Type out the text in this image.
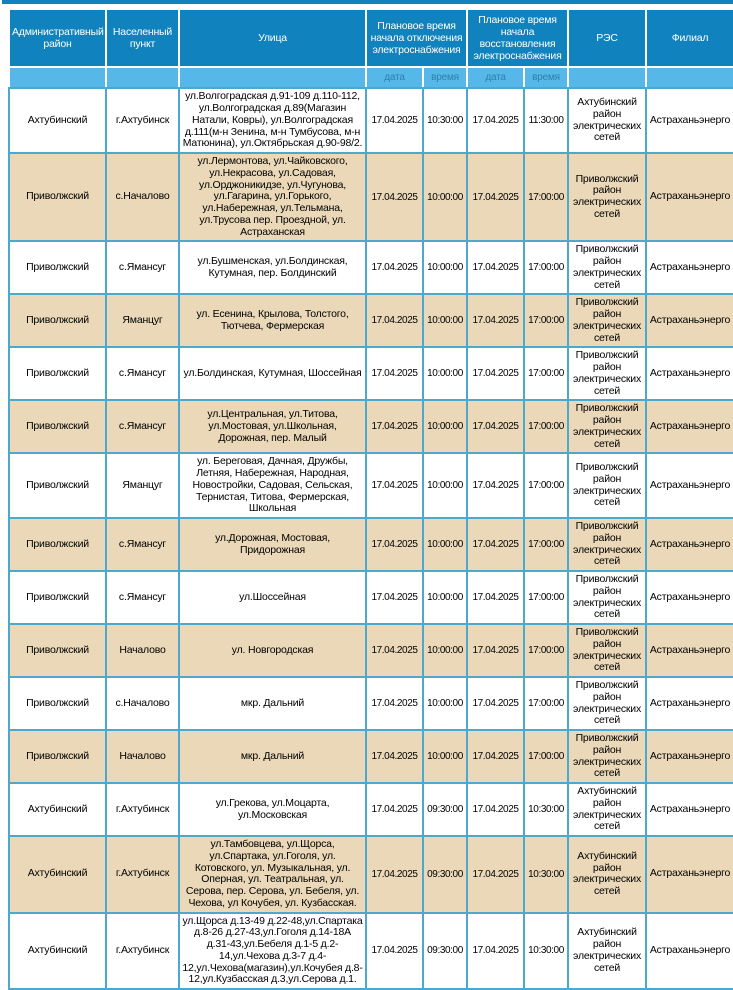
Административный район	Населенный пункт	Улица	Плановое время начала отключения электроснабжения		Плановое время начала восстановления электроснабжения		РЭС	Филиал
			дата	время	дата	время		
Ахтубинский	г.Ахтубинск	ул.Волгоградская д.91-109 д.110-112, ул.Волгоградская д.89(Магазин Натали, Ковры), ул.Волгоградская д.111(м-н Зенина, м-н Тумбусова, м-н Матюнина), ул.Октябрьская д.90-98/2.	17.04.2025	10:30:00	17.04.2025	11:30:00	Ахтубинский район электрических сетей	Астраханьэнерго
Приволжский	с.Началово	ул.Лермонтова, ул.Чайковского, ул.Некрасова, ул.Садовая, ул.Орджоникидзе, ул.Чугунова, ул.Гагарина, ул.Горького, ул.Набережная, ул.Тельмана, ул.Трусова пер. Проездной, ул. Астраханская	17.04.2025	10:00:00	17.04.2025	17:00:00	Приволжский район электрических сетей	Астраханьэнерго
Приволжский	с.Ямансуг	ул.Бушменская, ул.Болдинская, Кутумная, пер. Болдинский	17.04.2025	10:00:00	17.04.2025	17:00:00	Приволжский район электрических сетей	Астраханьэнерго
Приволжский	Яманцуг	ул. Есенина, Крылова, Толстого, Тютчева, Фермерская	17.04.2025	10:00:00	17.04.2025	17:00:00	Приволжский район электрических сетей	Астраханьэнерго
Приволжский	с.Ямансуг	ул.Болдинская, Кутумная, Шоссейная	17.04.2025	10:00:00	17.04.2025	17:00:00	Приволжский район электрических сетей	Астраханьэнерго
Приволжский	с.Ямансуг	ул.Центральная, ул.Титова, ул.Мостовая, ул.Школьная, Дорожная, пер. Малый	17.04.2025	10:00:00	17.04.2025	17:00:00	Приволжский район электрических сетей	Астраханьэнерго
Приволжский	Яманцуг	ул. Береговая, Дачная, Дружбы, Летняя, Набережная, Народная, Новостройки, Садовая, Сельская, Тернистая, Титова, Фермерская, Школьная	17.04.2025	10:00:00	17.04.2025	17:00:00	Приволжский район электрических сетей	Астраханьэнерго
Приволжский	с.Ямансуг	ул.Дорожная, Мостовая, Придорожная	17.04.2025	10:00:00	17.04.2025	17:00:00	Приволжский район электрических сетей	Астраханьэнерго
Приволжский	с.Ямансуг	ул.Шоссейная	17.04.2025	10:00:00	17.04.2025	17:00:00	Приволжский район электрических сетей	Астраханьэнерго
Приволжский	Началово	ул. Новгородская	17.04.2025	10:00:00	17.04.2025	17:00:00	Приволжский район электрических сетей	Астраханьэнерго
Приволжский	с.Началово	мкр. Дальний	17.04.2025	10:00:00	17.04.2025	17:00:00	Приволжский район электрических сетей	Астраханьэнерго
Приволжский	Началово	мкр. Дальний	17.04.2025	10:00:00	17.04.2025	17:00:00	Приволжский район электрических сетей	Астраханьэнерго
Ахтубинский	г.Ахтубинск	ул.Грекова, ул.Моцарта, ул.Московская	17.04.2025	09:30:00	17.04.2025	10:30:00	Ахтубинский район электрических сетей	Астраханьэнерго
Ахтубинский	г.Ахтубинск	ул.Тамбовцева, ул.Щорса, ул.Спартака, ул.Гоголя, ул. Котовского, ул. Музыкальная, ул. Оперная, ул. Театральная, ул. Серова, пер. Серова, ул. Бебеля, ул. Чехова, ул Кочубея, ул. Кузбасская.	17.04.2025	09:30:00	17.04.2025	10:30:00	Ахтубинский район электрических сетей	Астраханьэнерго
Ахтубинский	г.Ахтубинск	ул.Щорса д.13-49 д.22-48,ул.Спартака д.8-26 д.27-43,ул.Гоголя д.14-18А д.31-43,ул.Бебеля д.1-5 д.2-14,ул.Чехова д.3-7 д.4-12,ул.Чехова(магазин),ул.Кочубея д.8-12,ул.Кузбасская д.3,ул.Серова д.1.	17.04.2025	09:30:00	17.04.2025	10:30:00	Ахтубинский район электрических сетей	Астраханьэнерго
